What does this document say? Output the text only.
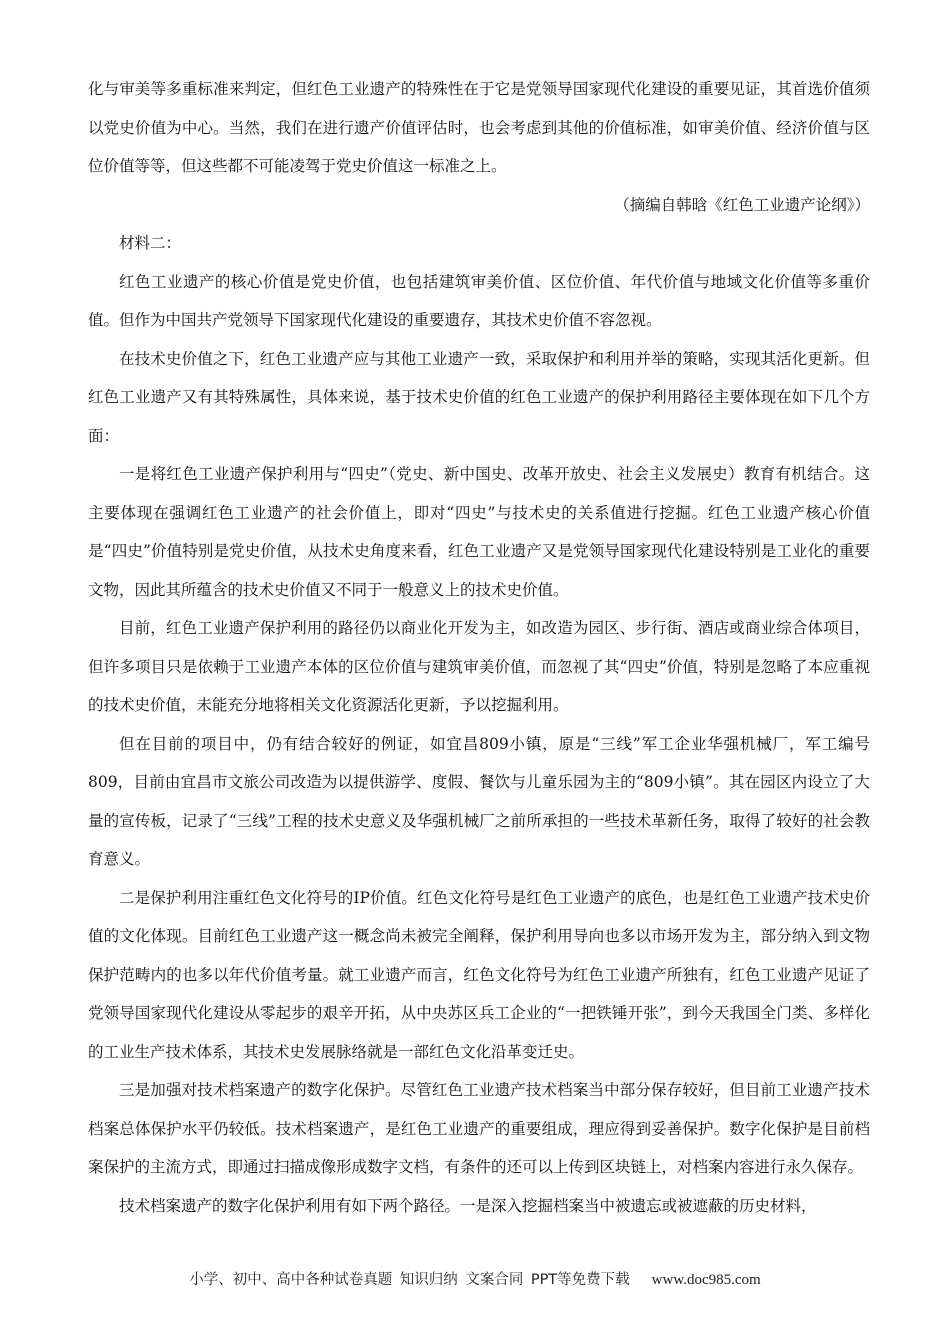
化与审美等多重标准来判定，但红色工业遗产的特殊性在于它是党领导国家现代化建设的重要见证，其首选价值须以党史价值为中心。当然，我们在进行遗产价值评估时，也会考虑到其他的价值标准，如审美价值、经济价值与区位价值等等，但这些都不可能凌驾于党史价值这一标准之上。

（摘编自韩晗《红色工业遗产论纲》）

材料二：

红色工业遗产的核心价值是党史价值，也包括建筑审美价值、区位价值、年代价值与地域文化价值等多重价值。但作为中国共产党领导下国家现代化建设的重要遗存，其技术史价值不容忽视。

在技术史价值之下，红色工业遗产应与其他工业遗产一致，采取保护和利用并举的策略，实现其活化更新。但红色工业遗产又有其特殊属性，具体来说，基于技术史价值的红色工业遗产的保护利用路径主要体现在如下几个方面：

一是将红色工业遗产保护利用与“四史”（党史、新中国史、改革开放史、社会主义发展史）教育有机结合。这主要体现在强调红色工业遗产的社会价值上，即对“四史”与技术史的关系值进行挖掘。红色工业遗产核心价值是“四史”价值特别是党史价值，从技术史角度来看，红色工业遗产又是党领导国家现代化建设特别是工业化的重要文物，因此其所蕴含的技术史价值又不同于一般意义上的技术史价值。

目前，红色工业遗产保护利用的路径仍以商业化开发为主，如改造为园区、步行街、酒店或商业综合体项目，但许多项目只是依赖于工业遗产本体的区位价值与建筑审美价值，而忽视了其“四史”价值，特别是忽略了本应重视的技术史价值，未能充分地将相关文化资源活化更新，予以挖掘利用。

但在目前的项目中，仍有结合较好的例证，如宜昌809小镇，原是“三线”军工企业华强机械厂，军工编号809，目前由宜昌市文旅公司改造为以提供游学、度假、餐饮与儿童乐园为主的“809小镇”。其在园区内设立了大量的宣传板，记录了“三线”工程的技术史意义及华强机械厂之前所承担的一些技术革新任务，取得了较好的社会教育意义。

二是保护利用注重红色文化符号的IP价值。红色文化符号是红色工业遗产的底色，也是红色工业遗产技术史价值的文化体现。目前红色工业遗产这一概念尚未被完全阐释，保护利用导向也多以市场开发为主，部分纳入到文物保护范畴内的也多以年代价值考量。就工业遗产而言，红色文化符号为红色工业遗产所独有，红色工业遗产见证了党领导国家现代化建设从零起步的艰辛开拓，从中央苏区兵工企业的“一把铁锤开张”，到今天我国全门类、多样化的工业生产技术体系，其技术史发展脉络就是一部红色文化沿革变迁史。

三是加强对技术档案遗产的数字化保护。尽管红色工业遗产技术档案当中部分保存较好，但目前工业遗产技术档案总体保护水平仍较低。技术档案遗产，是红色工业遗产的重要组成，理应得到妥善保护。数字化保护是目前档案保护的主流方式，即通过扫描成像形成数字文档，有条件的还可以上传到区块链上，对档案内容进行永久保存。

技术档案遗产的数字化保护利用有如下两个路径。一是深入挖掘档案当中被遗忘或被遮蔽的历史材料，

小学、初中、高中各种试卷真题 知识归纳 文案合同 PPT等免费下载 www.doc985.com
